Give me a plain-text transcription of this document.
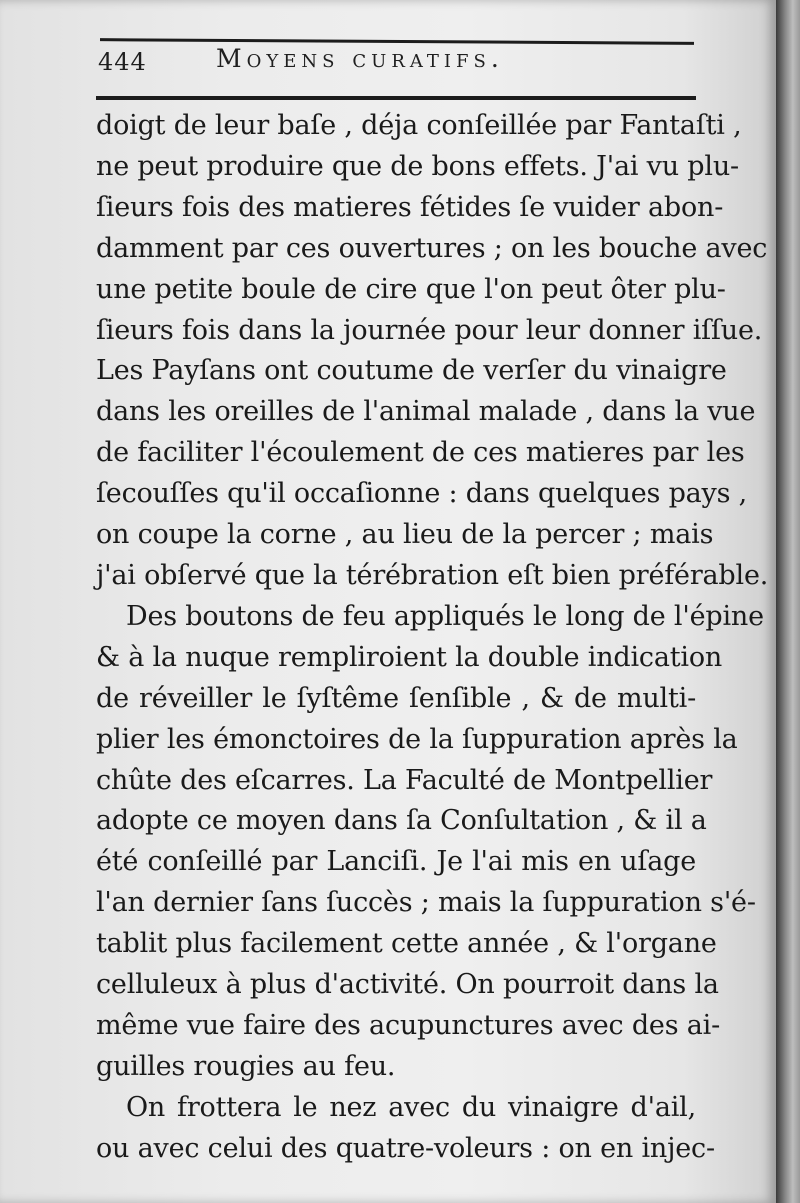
444	Moyens curatifs.
doigt de leur baſe , déja conſeillée par Fantaſti ,
ne peut produire que de bons effets. J'ai vu plu-
ſieurs fois des matieres fétides ſe vuider abon-
damment par ces ouvertures ; on les bouche avec
une petite boule de cire que l'on peut ôter plu-
ſieurs fois dans la journée pour leur donner iſſue.
Les Payſans ont coutume de verſer du vinaigre
dans les oreilles de l'animal malade , dans la vue
de faciliter l'écoulement de ces matieres par les
ſecouſſes qu'il occaſionne : dans quelques pays ,
on coupe la corne , au lieu de la percer ; mais
j'ai obſervé que la térébration eſt bien préférable.
Des boutons de feu appliqués le long de l'épine
& à la nuque rempliroient la double indication
de réveiller le ſyſtême ſenſible , & de multi-
plier les émonctoires de la ſuppuration après la
chûte des eſcarres. La Faculté de Montpellier
adopte ce moyen dans ſa Conſultation , & il a
été conſeillé par Lanciſi. Je l'ai mis en uſage
l'an dernier ſans ſuccès ; mais la ſuppuration s'é-
tablit plus facilement cette année , & l'organe
celluleux à plus d'activité. On pourroit dans la
même vue faire des acupunctures avec des ai-
guilles rougies au feu.
On frottera le nez avec du vinaigre d'ail,
ou avec celui des quatre-voleurs : on en injec-
